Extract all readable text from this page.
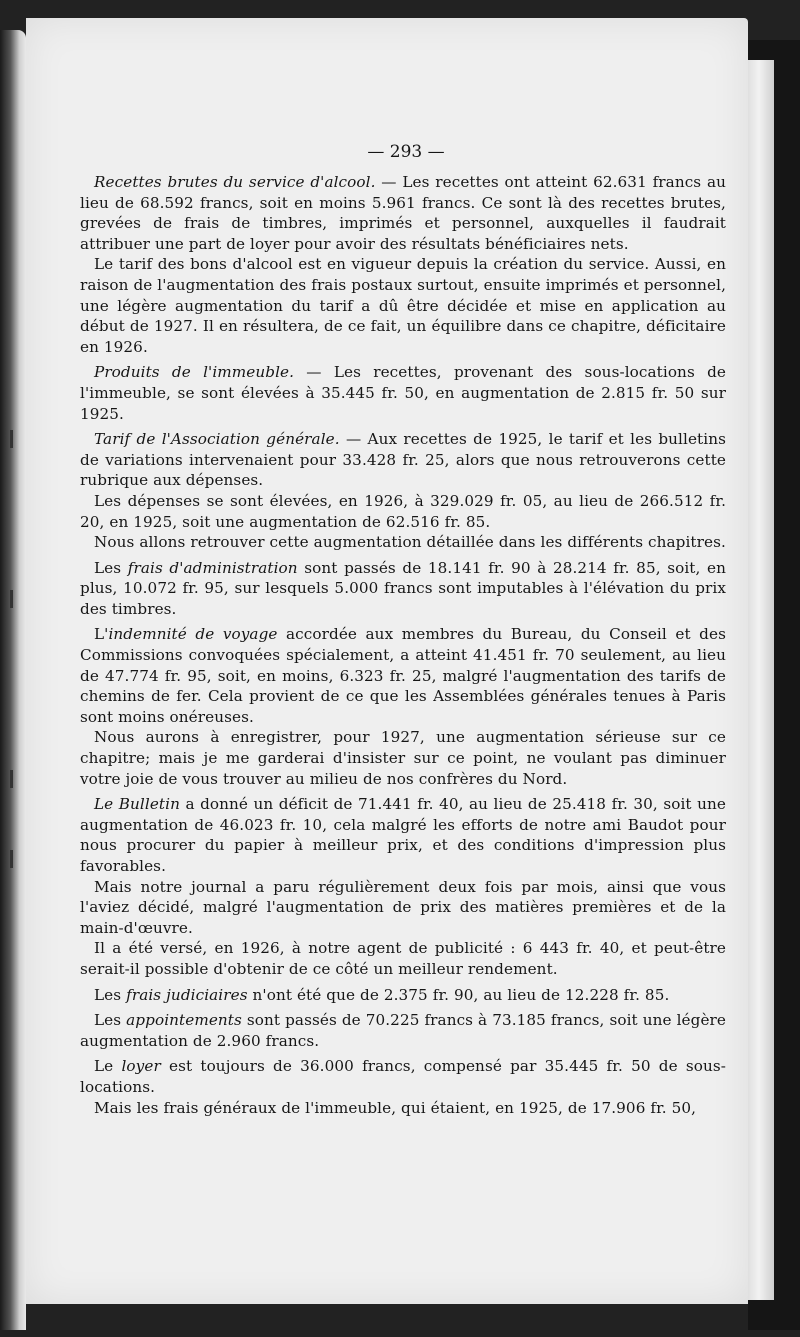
— 293 —

Recettes brutes du service d'alcool. — Les recettes ont atteint 62.631 francs au lieu de 68.592 francs, soit en moins 5.961 francs. Ce sont là des recettes brutes, grevées de frais de timbres, imprimés et personnel, auxquelles il faudrait attribuer une part de loyer pour avoir des résultats bénéficiaires nets.

Le tarif des bons d'alcool est en vigueur depuis la création du service. Aussi, en raison de l'augmentation des frais postaux surtout, ensuite imprimés et personnel, une légère augmentation du tarif a dû être décidée et mise en application au début de 1927. Il en résultera, de ce fait, un équilibre dans ce chapitre, déficitaire en 1926.

Produits de l'immeuble. — Les recettes, provenant des sous-locations de l'immeuble, se sont élevées à 35.445 fr. 50, en augmentation de 2.815 fr. 50 sur 1925.

Tarif de l'Association générale. — Aux recettes de 1925, le tarif et les bulletins de variations intervenaient pour 33.428 fr. 25, alors que nous retrouverons cette rubrique aux dépenses.

Les dépenses se sont élevées, en 1926, à 329.029 fr. 05, au lieu de 266.512 fr. 20, en 1925, soit une augmentation de 62.516 fr. 85.

Nous allons retrouver cette augmentation détaillée dans les différents chapitres.

Les frais d'administration sont passés de 18.141 fr. 90 à 28.214 fr. 85, soit, en plus, 10.072 fr. 95, sur lesquels 5.000 francs sont imputables à l'élévation du prix des timbres.

L'indemnité de voyage accordée aux membres du Bureau, du Conseil et des Commissions convoquées spécialement, a atteint 41.451 fr. 70 seulement, au lieu de 47.774 fr. 95, soit, en moins, 6.323 fr. 25, malgré l'augmentation des tarifs de chemins de fer. Cela provient de ce que les Assemblées générales tenues à Paris sont moins onéreuses.

Nous aurons à enregistrer, pour 1927, une augmentation sérieuse sur ce chapitre; mais je me garderai d'insister sur ce point, ne voulant pas diminuer votre joie de vous trouver au milieu de nos confrères du Nord.

Le Bulletin a donné un déficit de 71.441 fr. 40, au lieu de 25.418 fr. 30, soit une augmentation de 46.023 fr. 10, cela malgré les efforts de notre ami Baudot pour nous procurer du papier à meilleur prix, et des conditions d'impression plus favorables.

Mais notre journal a paru régulièrement deux fois par mois, ainsi que vous l'aviez décidé, malgré l'augmentation de prix des matières premières et de la main-d'œuvre.

Il a été versé, en 1926, à notre agent de publicité : 6 443 fr. 40, et peut-être serait-il possible d'obtenir de ce côté un meilleur rendement.

Les frais judiciaires n'ont été que de 2.375 fr. 90, au lieu de 12.228 fr. 85.

Les appointements sont passés de 70.225 francs à 73.185 francs, soit une légère augmentation de 2.960 francs.

Le loyer est toujours de 36.000 francs, compensé par 35.445 fr. 50 de sous-locations.

Mais les frais généraux de l'immeuble, qui étaient, en 1925, de 17.906 fr. 50,
